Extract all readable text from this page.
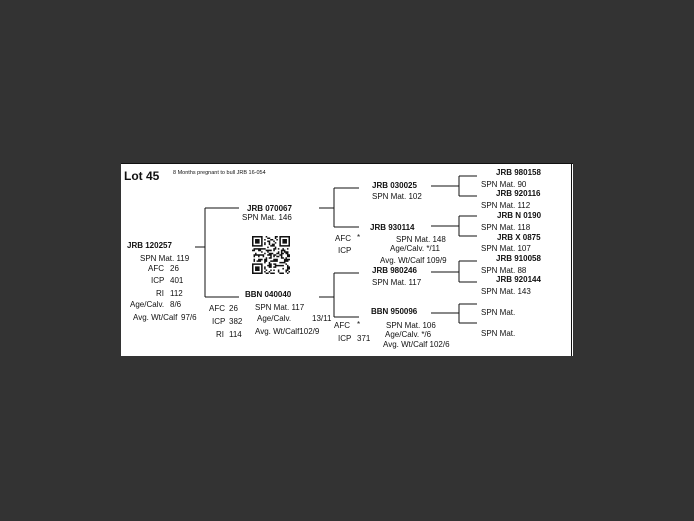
Lot 45 8 Months pregnant to bull JRB 16-054
JRB 120257
SPN Mat. 119
AFC 26
ICP 401
RI 112
Age/Calv. 8/6
Avg. Wt/Calf 97/6
JRB 070067
SPN Mat. 146
BBN 040040
AFC 26 SPN Mat. 117
ICP 382 Age/Calv.	13/11
RI 114 Avg. Wt/Calf102/9
JRB 030025
SPN Mat. 102
JRB 930114
AFC *	SPN Mat. 148
ICP	Age/Calv. */11
Avg. Wt/Calf 109/9
JRB 980246
SPN Mat. 117
BBN 950096
AFC *	SPN Mat. 106
Age/Calv. */6
ICP 371
Avg. Wt/Calf 102/6
JRB 980158
SPN Mat. 90
JRB 920116
SPN Mat. 112
JRB N 0190
SPN Mat. 118
JRB X 0875
SPN Mat. 107
JRB 910058
SPN Mat. 88
JRB 920144
SPN Mat. 143
SPN Mat.
SPN Mat.
